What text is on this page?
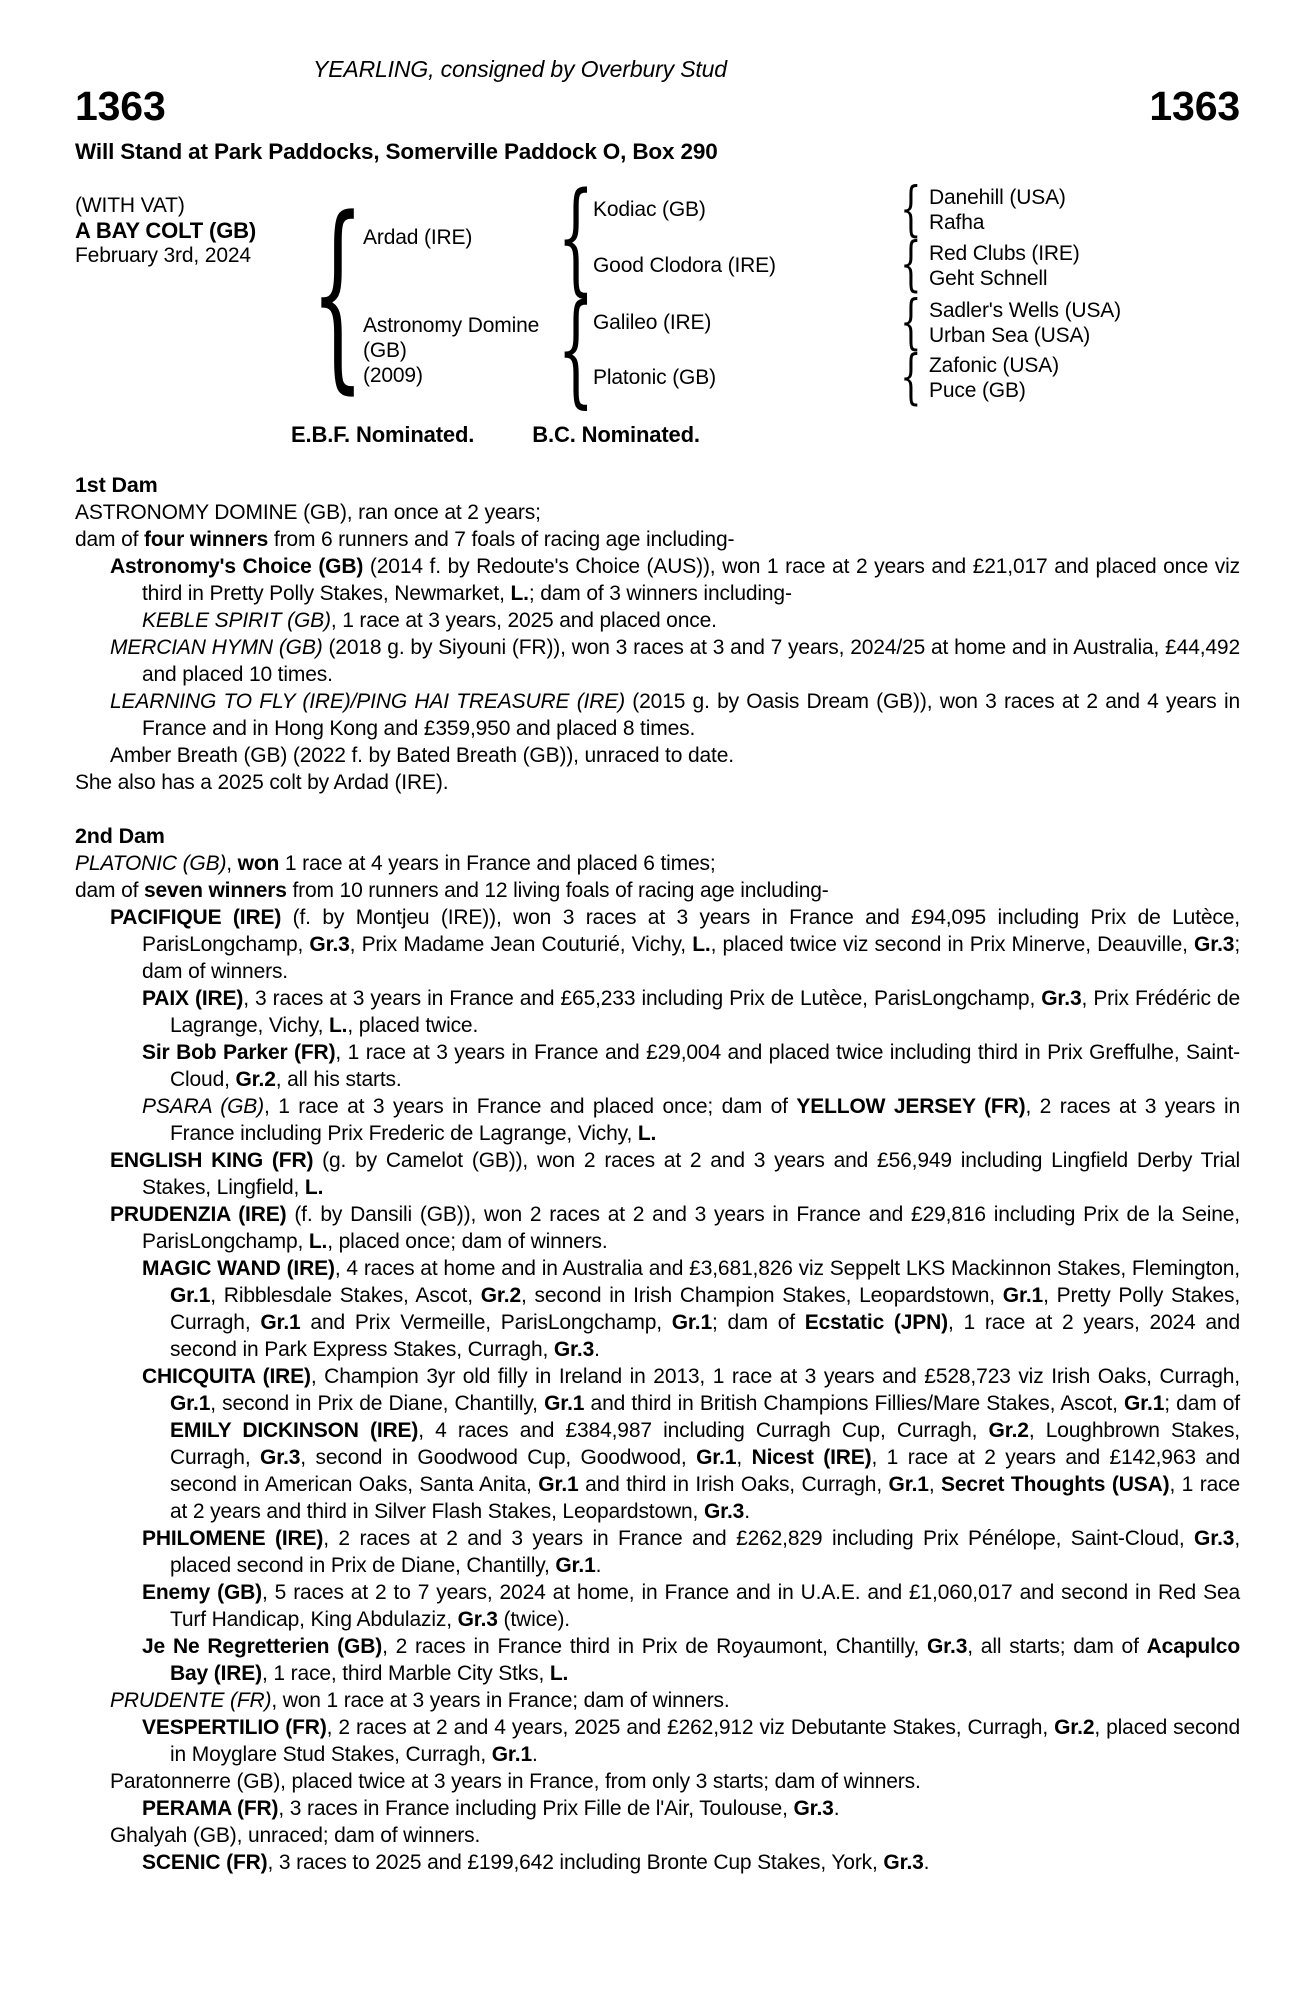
YEARLING, consigned by Overbury Stud
1363	1363
Will Stand at Park Paddocks, Somerville Paddock O, Box 290
(WITH VAT)
A BAY COLT (GB)
February 3rd, 2024
{
Ardad (IRE)
{
Kodiac (GB)
{
Danehill (USA)
Rafha
Good Clodora (IRE)
{
Red Clubs (IRE)
Geht Schnell
Astronomy Domine (GB)
(2009)
{
Galileo (IRE)
{
Sadler's Wells (USA)
Urban Sea (USA)
Platonic (GB)
{
Zafonic (USA)
Puce (GB)
E.B.F. Nominated.	B.C. Nominated.
1st Dam

ASTRONOMY DOMINE (GB), ran once at 2 years;

dam of four winners from 6 runners and 7 foals of racing age including-

Astronomy's Choice (GB) (2014 f. by Redoute's Choice (AUS)), won 1 race at 2 years and £21,017 and placed once viz third in Pretty Polly Stakes, Newmarket, L.; dam of 3 winners including-

KEBLE SPIRIT (GB), 1 race at 3 years, 2025 and placed once.

MERCIAN HYMN (GB) (2018 g. by Siyouni (FR)), won 3 races at 3 and 7 years, 2024/25 at home and in Australia, £44,492 and placed 10 times.

LEARNING TO FLY (IRE)/PING HAI TREASURE (IRE) (2015 g. by Oasis Dream (GB)), won 3 races at 2 and 4 years in France and in Hong Kong and £359,950 and placed 8 times.

Amber Breath (GB) (2022 f. by Bated Breath (GB)), unraced to date.

She also has a 2025 colt by Ardad (IRE).

2nd Dam

PLATONIC (GB), won 1 race at 4 years in France and placed 6 times;

dam of seven winners from 10 runners and 12 living foals of racing age including-

PACIFIQUE (IRE) (f. by Montjeu (IRE)), won 3 races at 3 years in France and £94,095 including Prix de Lutèce, ParisLongchamp, Gr.3, Prix Madame Jean Couturié, Vichy, L., placed twice viz second in Prix Minerve, Deauville, Gr.3; dam of winners.

PAIX (IRE), 3 races at 3 years in France and £65,233 including Prix de Lutèce, ParisLongchamp, Gr.3, Prix Frédéric de Lagrange, Vichy, L., placed twice.

Sir Bob Parker (FR), 1 race at 3 years in France and £29,004 and placed twice including third in Prix Greffulhe, Saint-Cloud, Gr.2, all his starts.

PSARA (GB), 1 race at 3 years in France and placed once; dam of YELLOW JERSEY (FR), 2 races at 3 years in France including Prix Frederic de Lagrange, Vichy, L.

ENGLISH KING (FR) (g. by Camelot (GB)), won 2 races at 2 and 3 years and £56,949 including Lingfield Derby Trial Stakes, Lingfield, L.

PRUDENZIA (IRE) (f. by Dansili (GB)), won 2 races at 2 and 3 years in France and £29,816 including Prix de la Seine, ParisLongchamp, L., placed once; dam of winners.

MAGIC WAND (IRE), 4 races at home and in Australia and £3,681,826 viz Seppelt LKS Mackinnon Stakes, Flemington, Gr.1, Ribblesdale Stakes, Ascot, Gr.2, second in Irish Champion Stakes, Leopardstown, Gr.1, Pretty Polly Stakes, Curragh, Gr.1 and Prix Vermeille, ParisLongchamp, Gr.1; dam of Ecstatic (JPN), 1 race at 2 years, 2024 and second in Park Express Stakes, Curragh, Gr.3.

CHICQUITA (IRE), Champion 3yr old filly in Ireland in 2013, 1 race at 3 years and £528,723 viz Irish Oaks, Curragh, Gr.1, second in Prix de Diane, Chantilly, Gr.1 and third in British Champions Fillies/Mare Stakes, Ascot, Gr.1; dam of EMILY DICKINSON (IRE), 4 races and £384,987 including Curragh Cup, Curragh, Gr.2, Loughbrown Stakes, Curragh, Gr.3, second in Goodwood Cup, Goodwood, Gr.1, Nicest (IRE), 1 race at 2 years and £142,963 and second in American Oaks, Santa Anita, Gr.1 and third in Irish Oaks, Curragh, Gr.1, Secret Thoughts (USA), 1 race at 2 years and third in Silver Flash Stakes, Leopardstown, Gr.3.

PHILOMENE (IRE), 2 races at 2 and 3 years in France and £262,829 including Prix Pénélope, Saint-Cloud, Gr.3, placed second in Prix de Diane, Chantilly, Gr.1.

Enemy (GB), 5 races at 2 to 7 years, 2024 at home, in France and in U.A.E. and £1,060,017 and second in Red Sea Turf Handicap, King Abdulaziz, Gr.3 (twice).

Je Ne Regretterien (GB), 2 races in France third in Prix de Royaumont, Chantilly, Gr.3, all starts; dam of Acapulco Bay (IRE), 1 race, third Marble City Stks, L.

PRUDENTE (FR), won 1 race at 3 years in France; dam of winners.

VESPERTILIO (FR), 2 races at 2 and 4 years, 2025 and £262,912 viz Debutante Stakes, Curragh, Gr.2, placed second in Moyglare Stud Stakes, Curragh, Gr.1.

Paratonnerre (GB), placed twice at 3 years in France, from only 3 starts; dam of winners.

PERAMA (FR), 3 races in France including Prix Fille de l'Air, Toulouse, Gr.3.

Ghalyah (GB), unraced; dam of winners.

SCENIC (FR), 3 races to 2025 and £199,642 including Bronte Cup Stakes, York, Gr.3.
